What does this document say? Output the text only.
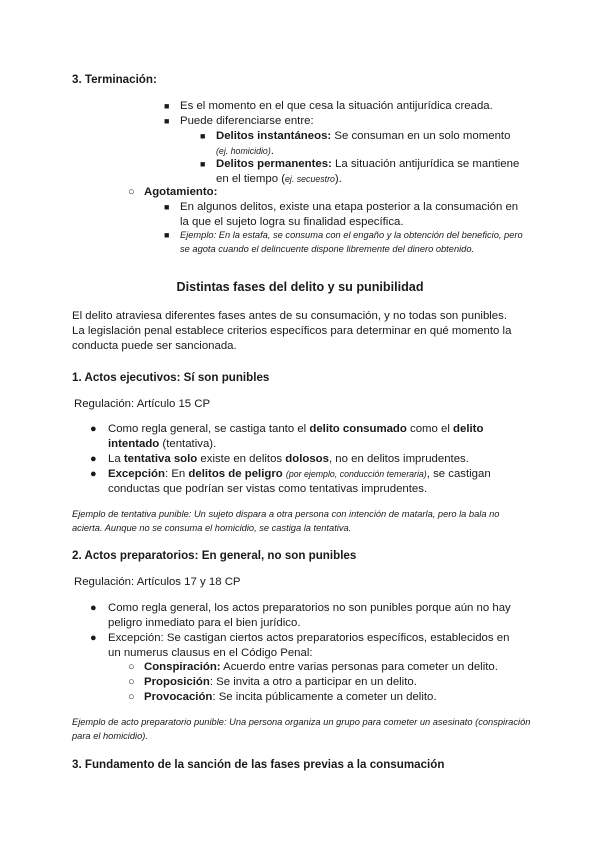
3. Terminación:

■ Es el momento en el que cesa la situación antijurídica creada.
■ Puede diferenciarse entre:
■ Delitos instantáneos: Se consuman en un solo momento (ej. homicidio).
■ Delitos permanentes: La situación antijurídica se mantiene en el tiempo (ej. secuestro).
○ Agotamiento:
■ En algunos delitos, existe una etapa posterior a la consumación en la que el sujeto logra su finalidad específica.
■ Ejemplo: En la estafa, se consuma con el engaño y la obtención del beneficio, pero se agota cuando el delincuente dispone libremente del dinero obtenido.

Distintas fases del delito y su punibilidad

El delito atraviesa diferentes fases antes de su consumación, y no todas son punibles. La legislación penal establece criterios específicos para determinar en qué momento la conducta puede ser sancionada.

1. Actos ejecutivos: Sí son punibles

Regulación: Artículo 15 CP

● Como regla general, se castiga tanto el delito consumado como el delito intentado (tentativa).
● La tentativa solo existe en delitos dolosos, no en delitos imprudentes.
● Excepción: En delitos de peligro (por ejemplo, conducción temeraria), se castigan conductas que podrían ser vistas como tentativas imprudentes.

Ejemplo de tentativa punible: Un sujeto dispara a otra persona con intención de matarla, pero la bala no acierta. Aunque no se consuma el homicidio, se castiga la tentativa.

2. Actos preparatorios: En general, no son punibles

Regulación: Artículos 17 y 18 CP

● Como regla general, los actos preparatorios no son punibles porque aún no hay peligro inmediato para el bien jurídico.
● Excepción: Se castigan ciertos actos preparatorios específicos, establecidos en un numerus clausus en el Código Penal:
○ Conspiración: Acuerdo entre varias personas para cometer un delito.
○ Proposición: Se invita a otro a participar en un delito.
○ Provocación: Se incita públicamente a cometer un delito.

Ejemplo de acto preparatorio punible: Una persona organiza un grupo para cometer un asesinato (conspiración para el homicidio).

3. Fundamento de la sanción de las fases previas a la consumación
